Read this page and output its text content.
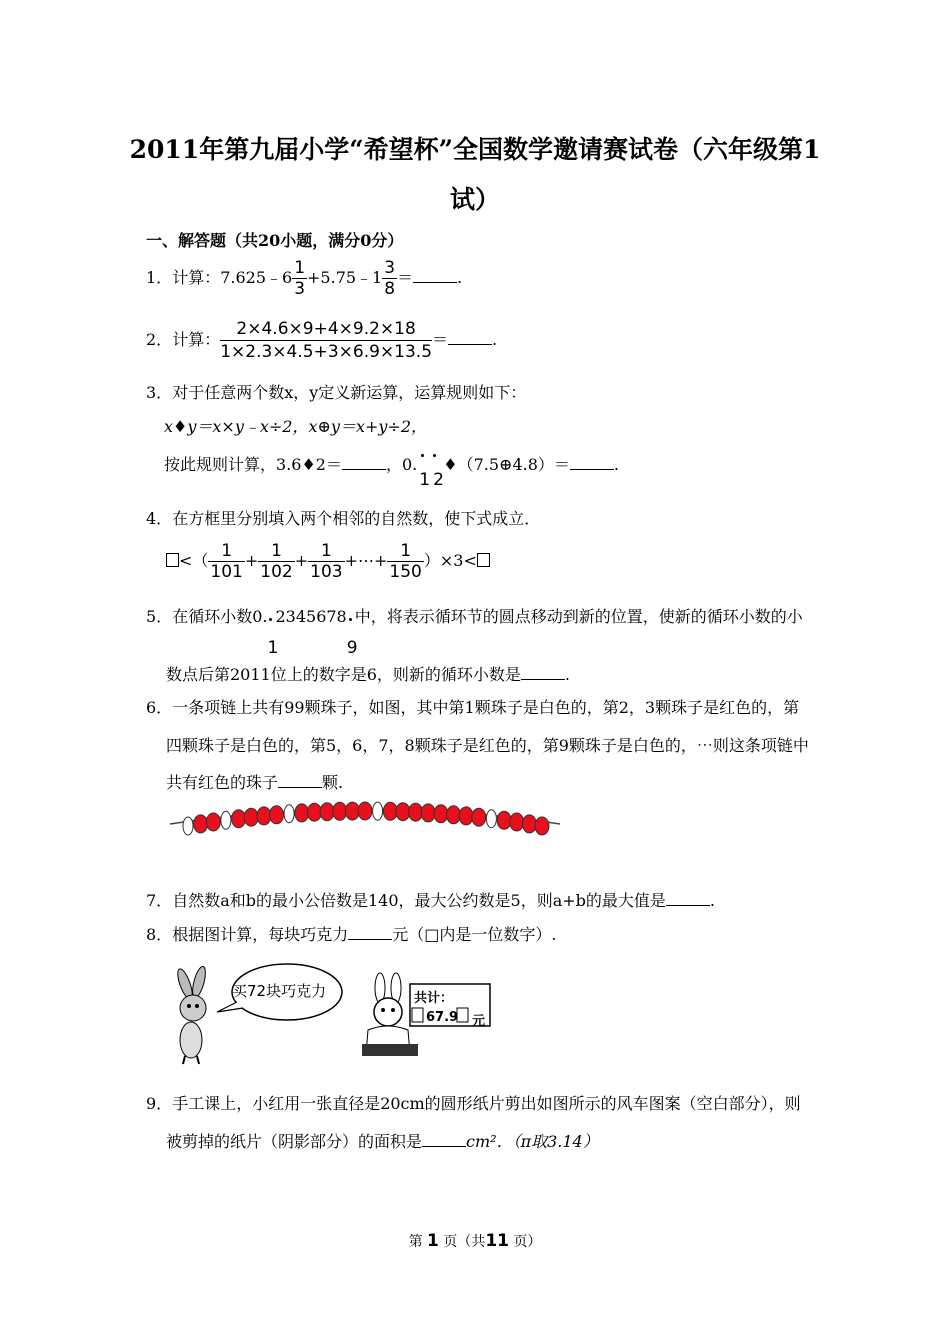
2011年第九届小学“希望杯”全国数学邀请赛试卷（六年级第1
试）
一、解答题（共20小题，满分0分）
1．计算：7.625﹣6 $\frac{1}{3}$ +5.75﹣1 $\frac{3}{8}$ ＝	.
2．计算： $\frac{2\times 4.6\times 9+4\times 9.2\times 18}{1\times 2.3\times 4.5+3\times 6.9\times 13.5}=$	.
3．对于任意两个数x，y定义新运算，运算规则如下：
x♦y＝x×y﹣x÷2，x⊕y＝x+y÷2，
按此规则计算，3.6♦2＝	，0.
12
♦（7.5⊕4.8）＝	.
4．在方框里分别填入两个相邻的自然数，使下式成立．
<（ $\frac{1}{101} + \frac{1}{102} + \frac{1}{103}$ +⋯+ $\frac{1}{150} )\times 3<$
5．在循环小数0.
1
2345678
9
中，将表示循环节的圆点移动到新的位置，使新的循环小数的小
数点后第2011位上的数字是6，则新的循环小数是	.
6．一条项链上共有99颗珠子，如图，其中第1颗珠子是白色的，第2，3颗珠子是红色的，第
四颗珠子是白色的，第5，6，7，8颗珠子是红色的，第9颗珠子是白色的，⋯则这条项链中
共有红色的珠子	颗.
7．自然数a和b的最小公倍数是140，最大公约数是5，则a+b的最大值是	.
8．根据图计算，每块巧克力	元（□内是一位数字）.
买72块巧克力	共计：
67.9 元
9．手工课上，小红用一张直径是20cm的圆形纸片剪出如图所示的风车图案（空白部分），则
被剪掉的纸片（阴影部分）的面积是	cm²．（π取3.14）
第 1 页（共11 页）
